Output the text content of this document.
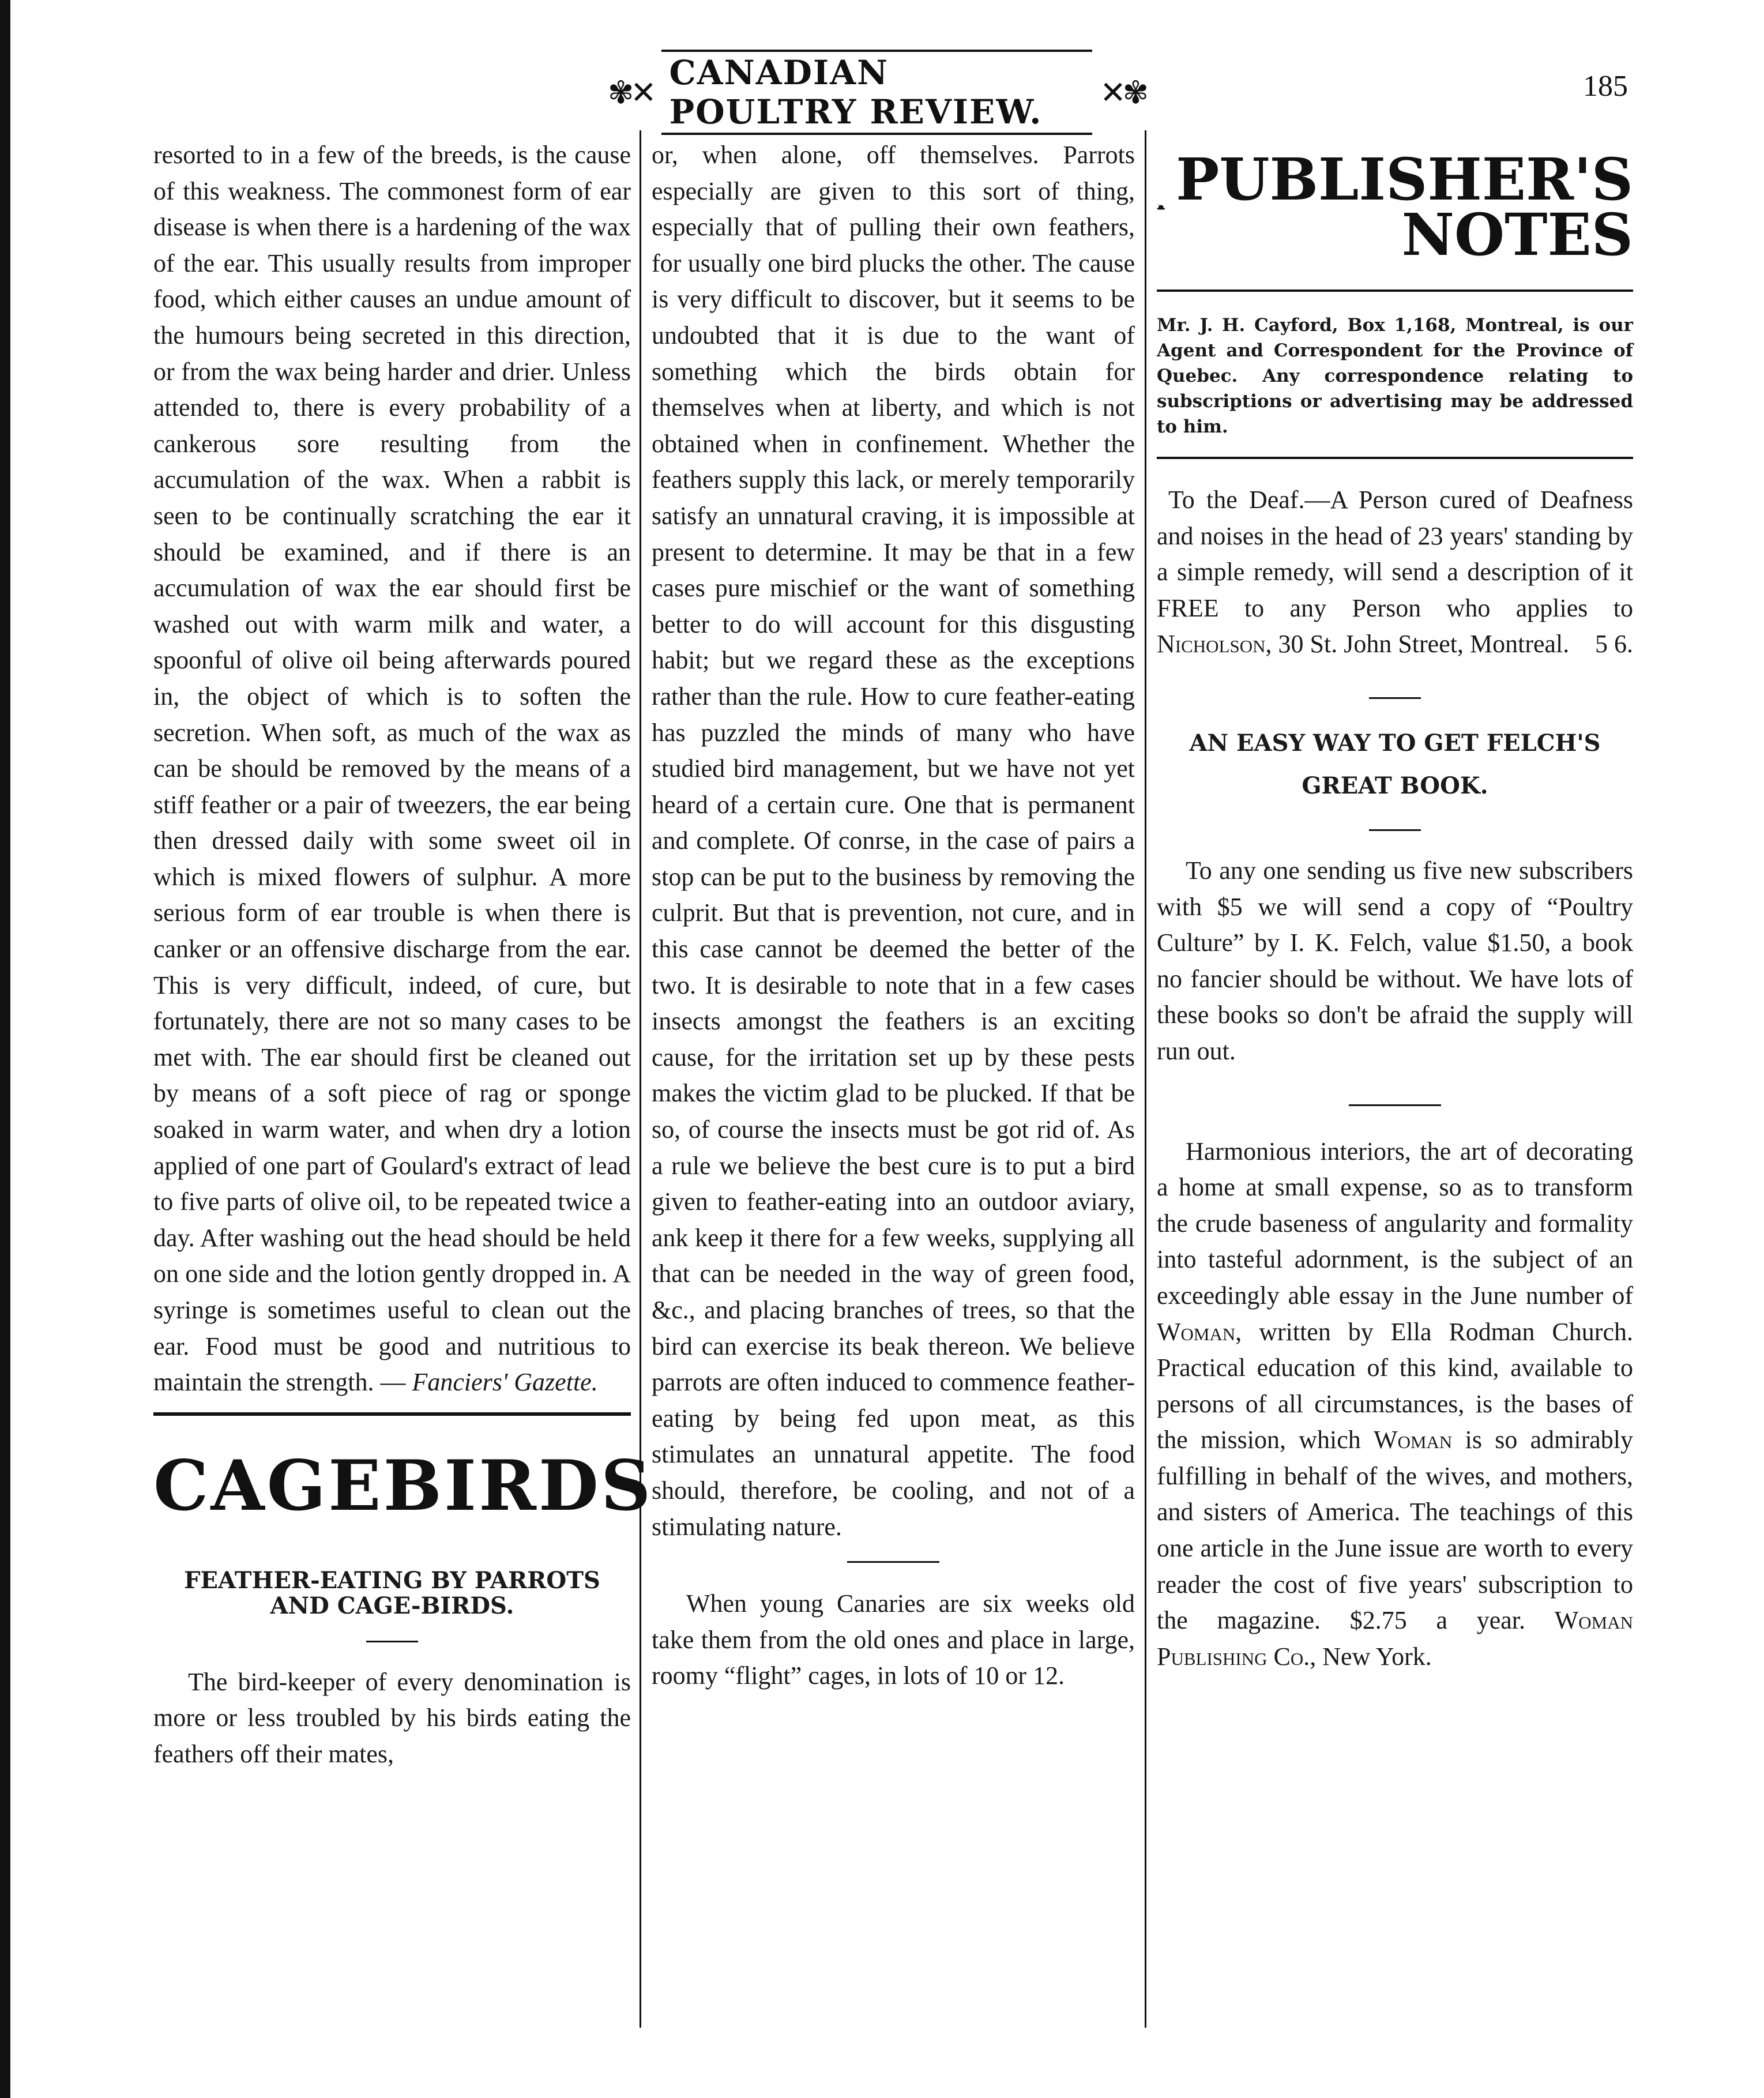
✾✕
CANADIAN POULTRY REVIEW.	✕✾	185

resorted to in a few of the breeds, is the cause of this weakness. The commonest form of ear disease is when there is a hardening of the wax of the ear. This usually results from improper food, which either causes an undue amount of the humours being secreted in this direction, or from the wax being harder and drier. Unless attended to, there is every probability of a cankerous sore resulting from the accumulation of the wax. When a rabbit is seen to be continually scratching the ear it should be examined, and if there is an accumulation of wax the ear should first be washed out with warm milk and water, a spoonful of olive oil being afterwards poured in, the object of which is to soften the secretion. When soft, as much of the wax as can be should be removed by the means of a stiff feather or a pair of tweezers, the ear being then dressed daily with some sweet oil in which is mixed flowers of sulphur. A more serious form of ear trouble is when there is canker or an offensive discharge from the ear. This is very difficult, indeed, of cure, but fortunately, there are not so many cases to be met with. The ear should first be cleaned out by means of a soft piece of rag or sponge soaked in warm water, and when dry a lotion applied of one part of Goulard's extract of lead to five parts of olive oil, to be repeated twice a day. After washing out the head should be held on one side and the lotion gently dropped in. A syringe is sometimes useful to clean out the ear. Food must be good and nutritious to maintain the strength. — Fanciers' Gazette.

CAGE BIRDS
FEATHER-EATING BY PARROTS AND CAGE-BIRDS.

The bird-keeper of every denomination is more or less troubled by his birds eating the feathers off their mates,

or, when alone, off themselves. Parrots especially are given to this sort of thing, especially that of pulling their own feathers, for usually one bird plucks the other. The cause is very difficult to discover, but it seems to be undoubted that it is due to the want of something which the birds obtain for themselves when at liberty, and which is not obtained when in confinement. Whether the feathers supply this lack, or merely temporarily satisfy an unnatural craving, it is impossible at present to determine. It may be that in a few cases pure mischief or the want of something better to do will account for this disgusting habit; but we regard these as the exceptions rather than the rule. How to cure feather-eating has puzzled the minds of many who have studied bird management, but we have not yet heard of a certain cure. One that is permanent and complete. Of conrse, in the case of pairs a stop can be put to the business by removing the culprit. But that is prevention, not cure, and in this case cannot be deemed the better of the two. It is desirable to note that in a few cases insects amongst the feathers is an exciting cause, for the irritation set up by these pests makes the victim glad to be plucked. If that be so, of course the insects must be got rid of. As a rule we believe the best cure is to put a bird given to feather-eating into an outdoor aviary, ank keep it there for a few weeks, supplying all that can be needed in the way of green food, &c., and placing branches of trees, so that the bird can exercise its beak thereon. We believe parrots are often induced to commence feather-eating by being fed upon meat, as this stimulates an unnatural appetite. The food should, therefore, be cooling, and not of a stimulating nature.

When young Canaries are six weeks old take them from the old ones and place in large, roomy “flight” cages, in lots of 10 or 12.

PUBLISHER'S
NOTES

Mr. J. H. Cayford, Box 1,168, Montreal, is our Agent and Correspondent for the Province of Quebec. Any correspondence relating to subscriptions or advertising may be addressed to him.

To the Deaf.—A Person cured of Deafness and noises in the head of 23 years' standing by a simple remedy, will send a description of it FREE to any Person who applies to Nicholson, 30 St. John Street, Montreal.	5 6.

AN EASY WAY TO GET FELCH'S GREAT BOOK.

To any one sending us five new subscribers with $5 we will send a copy of “Poultry Culture” by I. K. Felch, value $1.50, a book no fancier should be without. We have lots of these books so don't be afraid the supply will run out.

Harmonious interiors, the art of decorating a home at small expense, so as to transform the crude baseness of angularity and formality into tasteful adornment, is the subject of an exceedingly able essay in the June number of Woman, written by Ella Rodman Church. Practical education of this kind, available to persons of all circumstances, is the bases of the mission, which Woman is so admirably fulfilling in behalf of the wives, and mothers, and sisters of America. The teachings of this one article in the June issue are worth to every reader the cost of five years' subscription to the magazine. $2.75 a year. Woman Publishing Co., New York.
